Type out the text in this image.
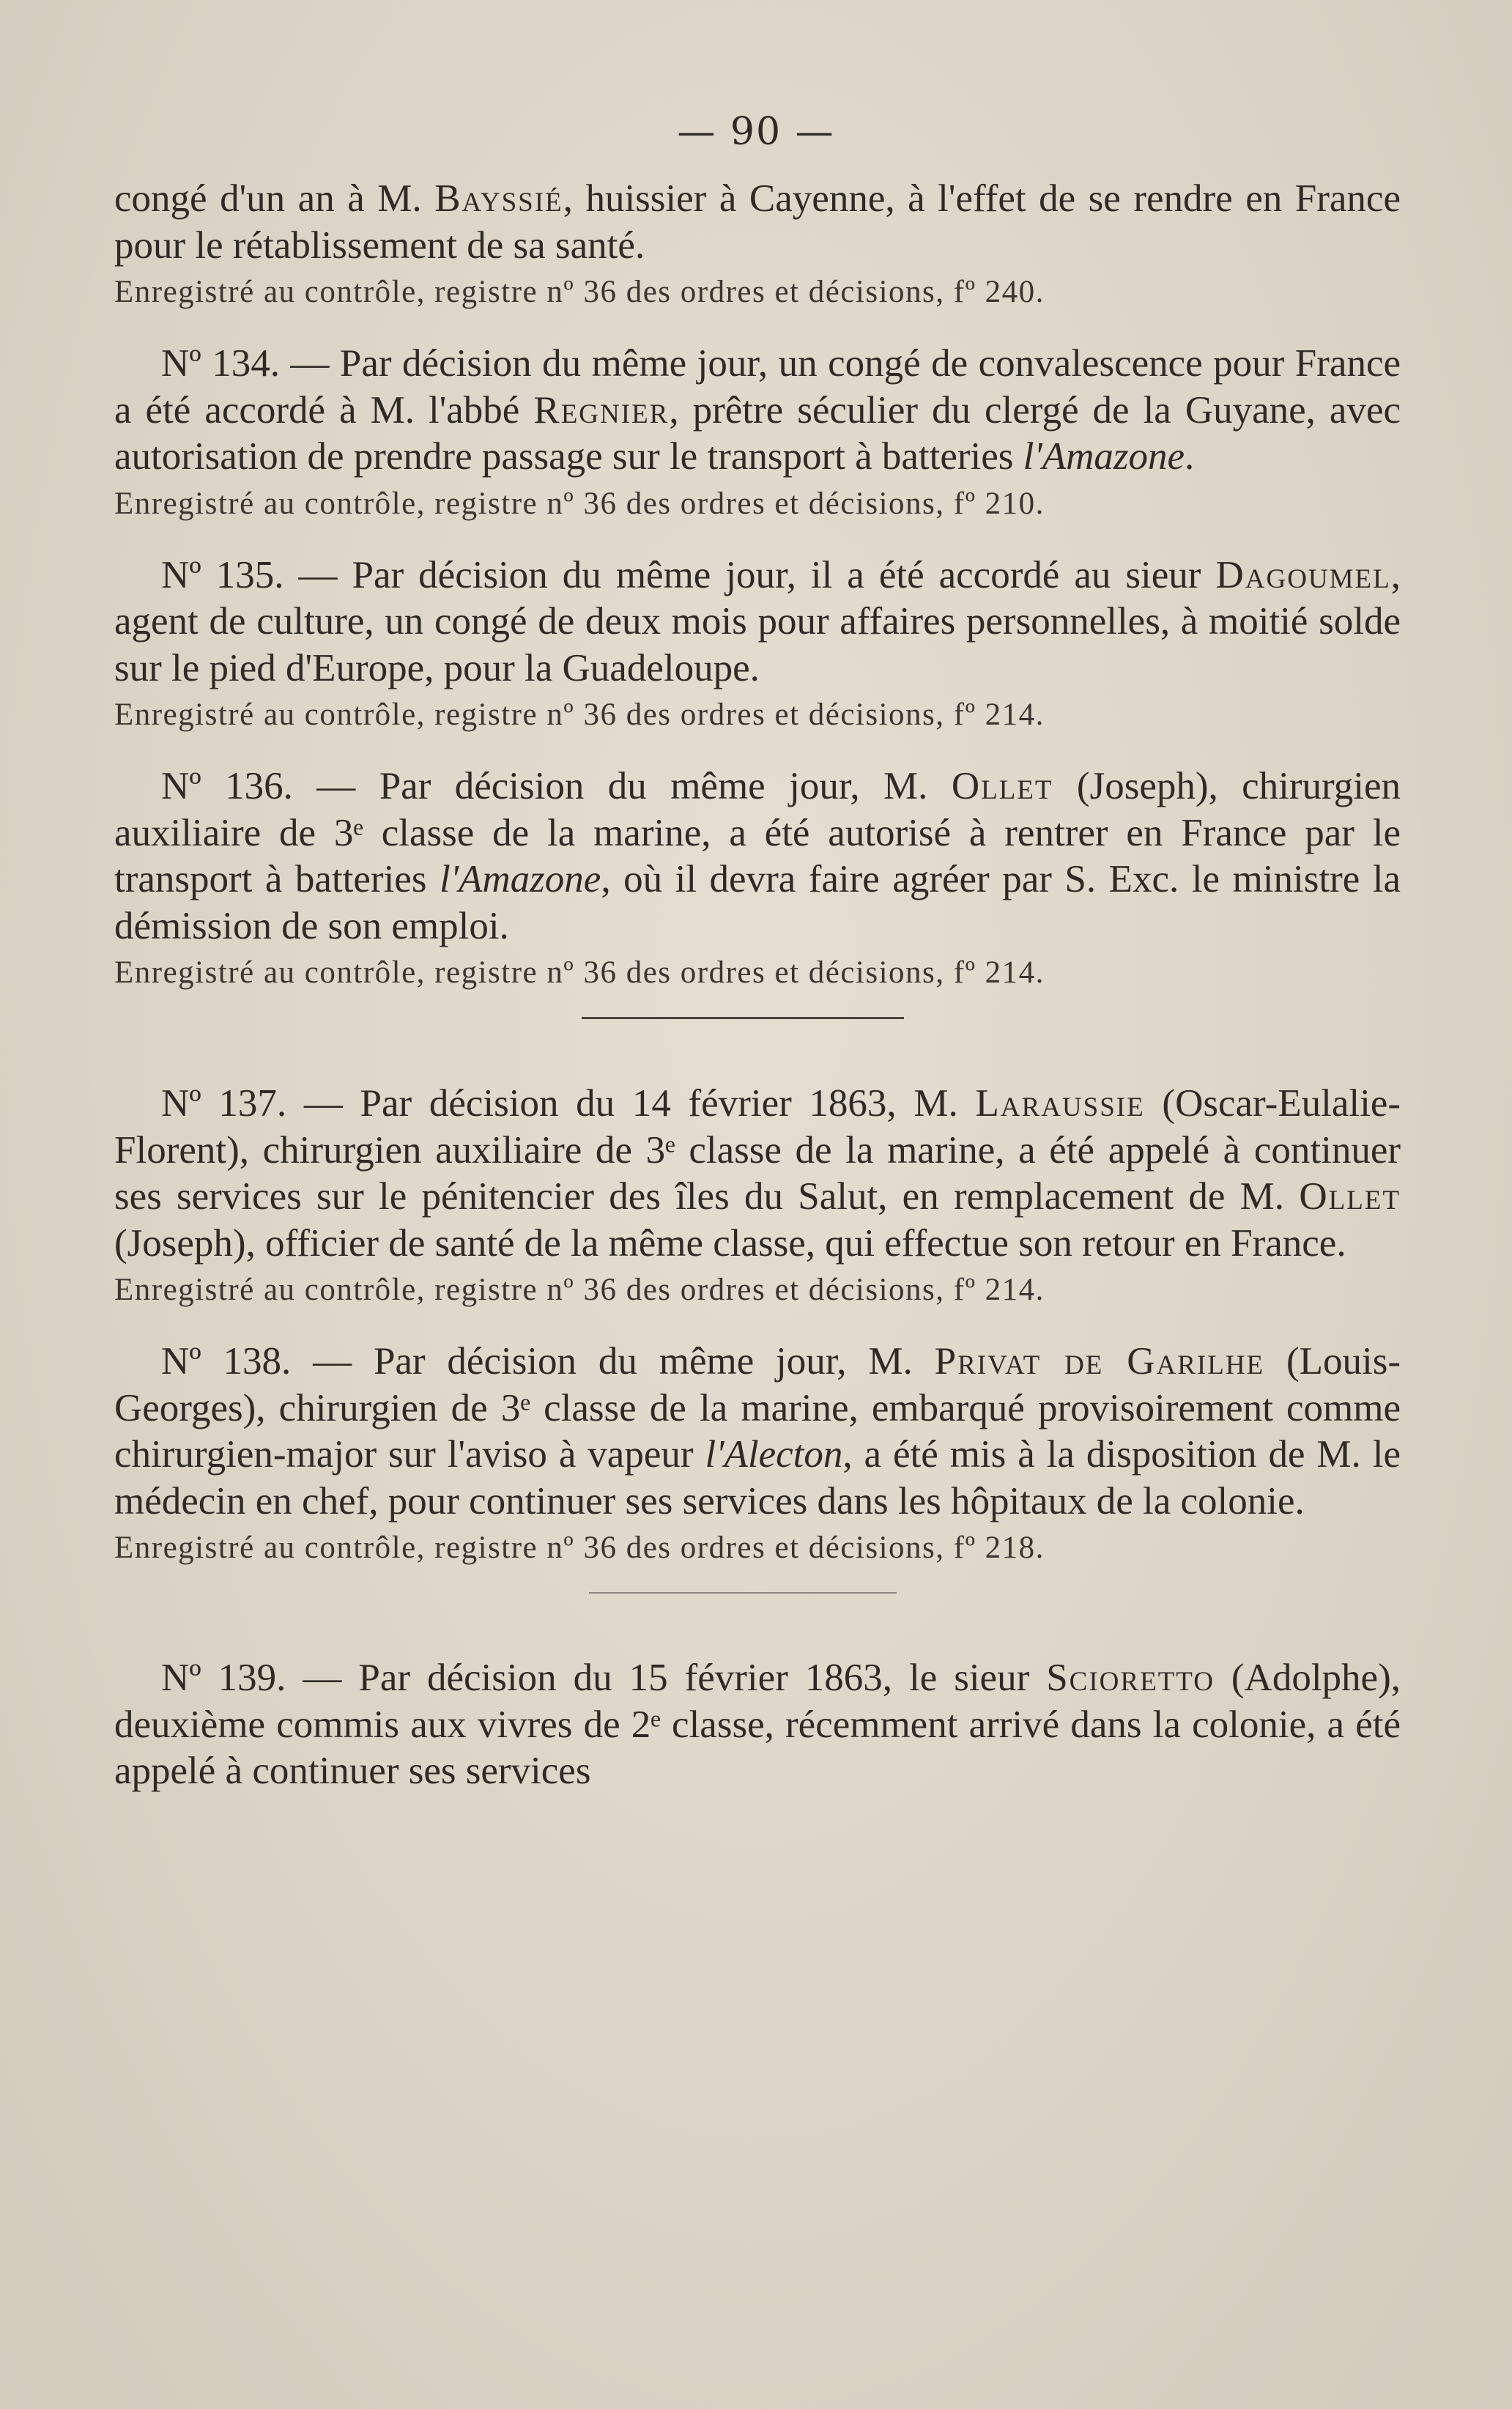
— 90 —

congé d'un an à M. Bayssié, huissier à Cayenne, à l'effet de se rendre en France pour le rétablissement de sa santé.

Enregistré au contrôle, registre nº 36 des ordres et décisions, fº 240.

Nº 134. — Par décision du même jour, un congé de convalescence pour France a été accordé à M. l'abbé Regnier, prêtre séculier du clergé de la Guyane, avec autorisation de prendre passage sur le transport à batteries l'Amazone.

Enregistré au contrôle, registre nº 36 des ordres et décisions, fº 210.

Nº 135. — Par décision du même jour, il a été accordé au sieur Dagoumel, agent de culture, un congé de deux mois pour affaires personnelles, à moitié solde sur le pied d'Europe, pour la Guadeloupe.

Enregistré au contrôle, registre nº 36 des ordres et décisions, fº 214.

Nº 136. — Par décision du même jour, M. Ollet (Joseph), chirurgien auxiliaire de 3ᵉ classe de la marine, a été autorisé à rentrer en France par le transport à batteries l'Amazone, où il devra faire agréer par S. Exc. le ministre la démission de son emploi.

Enregistré au contrôle, registre nº 36 des ordres et décisions, fº 214.

Nº 137. — Par décision du 14 février 1863, M. Laraussie (Oscar-Eulalie-Florent), chirurgien auxiliaire de 3ᵉ classe de la marine, a été appelé à continuer ses services sur le pénitencier des îles du Salut, en remplacement de M. Ollet (Joseph), officier de santé de la même classe, qui effectue son retour en France.

Enregistré au contrôle, registre nº 36 des ordres et décisions, fº 214.

Nº 138. — Par décision du même jour, M. Privat de Garilhe (Louis-Georges), chirurgien de 3ᵉ classe de la marine, embarqué provisoirement comme chirurgien-major sur l'aviso à vapeur l'Alecton, a été mis à la disposition de M. le médecin en chef, pour continuer ses services dans les hôpitaux de la colonie.

Enregistré au contrôle, registre nº 36 des ordres et décisions, fº 218.

Nº 139. — Par décision du 15 février 1863, le sieur Scioretto (Adolphe), deuxième commis aux vivres de 2ᵉ classe, récemment arrivé dans la colonie, a été appelé à continuer ses services
